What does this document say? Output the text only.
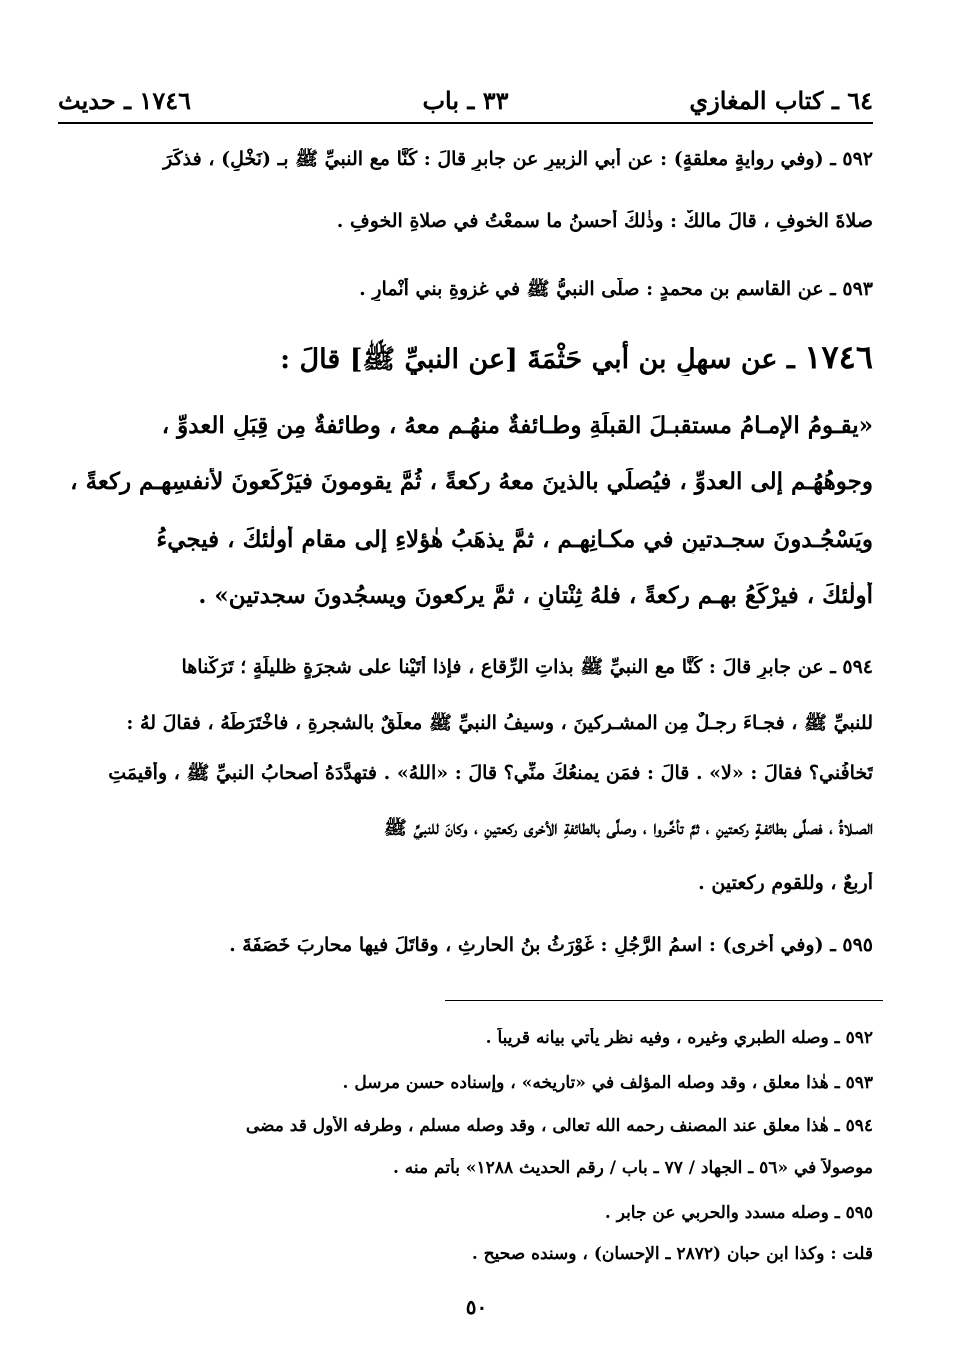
٦٤ ـ كتاب المغازي
٣٣ ـ باب
١٧٤٦ ـ حديث
٥٩٢ ـ (وفي روايةٍ معلقةٍ) : عن أبي الزبيرِ عن جابرٍ قالَ : كُنَّا مع النبيِّ ﷺ بـ (نَخْلٍ) ، فذكَرَ
صلاةَ الخوفِ ، قالَ مالكٌ : وذٰلكَ أحسنُ ما سمعْتُ في صلاةِ الخوفِ .
٥٩٣ ـ عنِ القاسمِ بنِ محمدٍ : صلَّى النبيُّ ﷺ في غزوةِ بني أنْمارٍ .
١٧٤٦ ـ عن سهلِ بنِ أبي حَثْمَةَ [عن النبيِّ ﷺ] قالَ :
«يقـومُ الإمـامُ مستقبـلَ القبلَةِ وطـائفةٌ منهُـم معهُ ، وطائفةٌ مِن قِبَلِ العدوِّ ،
وجوهُهُـم إلى العدوِّ ، فيُصلِّي بالذينَ معهُ ركعةً ، ثُمَّ يقومونَ فيَرْكَعونَ لأنفسِهـم ركعةً ،
ويَسْجُـدونَ سجـدتينِ في مكـانِهـم ، ثمَّ يذهَبُ هٰؤلاءِ إلى مقامِ أولٰئكَ ، فيجيءُ
أولٰئكَ ، فيرْكَعُ بهـم ركعةً ، فلهُ ثِنْتانِ ، ثمَّ يركعونَ ويسجُدونَ سجدتينِ» .
٥٩٤ ـ عن جابرٍ قالَ : كُنَّا مع النبيِّ ﷺ بذاتِ الرِّقاعِ ، فإذا أتَيْنا على شجرَةٍ ظليلَةٍ ؛ تَرَكْناها
للنبيِّ ﷺ ، فجـاءَ رجـلٌ مِن المشـركينَ ، وسيفُ النبيِّ ﷺ معلَّقٌ بالشجرةِ ، فاخْتَرَطَهُ ، فقالَ لهُ :
تَخافُني؟ فقالَ : «لا» . قالَ : فمَن يمنعُكَ منِّي؟ قالَ : «اللهُ» . فتهدَّدَهُ أصحابُ النبيِّ ﷺ ، وأُقيمَتِ
الصـلاةُ ، فصلَّى بطائفـةٍ ركعتينِ ، ثمَّ تأخَّـروا ، وصلَّى بالطائفةِ الأخرى ركعتينِ ، وكانَ للنبيِّ ﷺ
أربعٌ ، وللقومِ ركعتينِ .
٥٩٥ ـ (وفي أخرى) : اسمُ الرَّجُلِ : غَوْرَثُ بنُ الحارثِ ، وقاتَلَ فيها محاربَ خَصَفَةَ .
٥٩٢ ـ وصله الطبري وغيره ، وفيه نظر يأتي بيانه قريباً .
٥٩٣ ـ هٰذا معلق ، وقد وصله المؤلف في «تاريخه» ، وإسناده حسن مرسل .
٥٩٤ ـ هٰذا معلق عند المصنف رحمه الله تعالى ، وقد وصله مسلم ، وطرفه الأول قد مضى
موصولاً في «٥٦ ـ الجهاد / ٧٧ ـ باب / رقم الحديث ١٢٨٨» بأتم منه .
٥٩٥ ـ وصله مسدد والحربي عن جابر .
قلت : وكذا ابن حبان (٢٨٧٢ ـ الإحسان) ، وسنده صحيح .
٥٠
